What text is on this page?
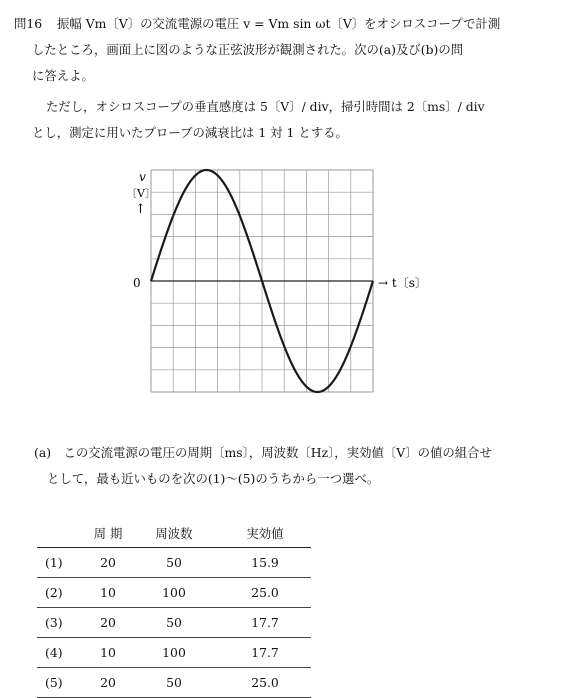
問16 振幅 Vm〔V〕の交流電源の電圧 v = Vm sin ωt〔V〕をオシロスコープで計測
したところ，画面上に図のような正弦波形が観測された。次の(a)及び(b)の問
に答えよ。
ただし，オシロスコープの垂直感度は 5〔V〕/ div，掃引時間は 2〔ms〕/ div
とし，測定に用いたプローブの減衰比は 1 対 1 とする。
v
〔V〕
↑
0	→ t〔s〕
(a)　この交流電源の電圧の周期〔ms〕，周波数〔Hz〕，実効値〔V〕の値の組合せ
として，最も近いものを次の(1)～(5)のうちから一つ選べ。
	周 期	周波数	実効値
(1)	20	50	15.9
(2)	10	100	25.0
(3)	20	50	17.7
(4)	10	100	17.7
(5)	20	50	25.0
